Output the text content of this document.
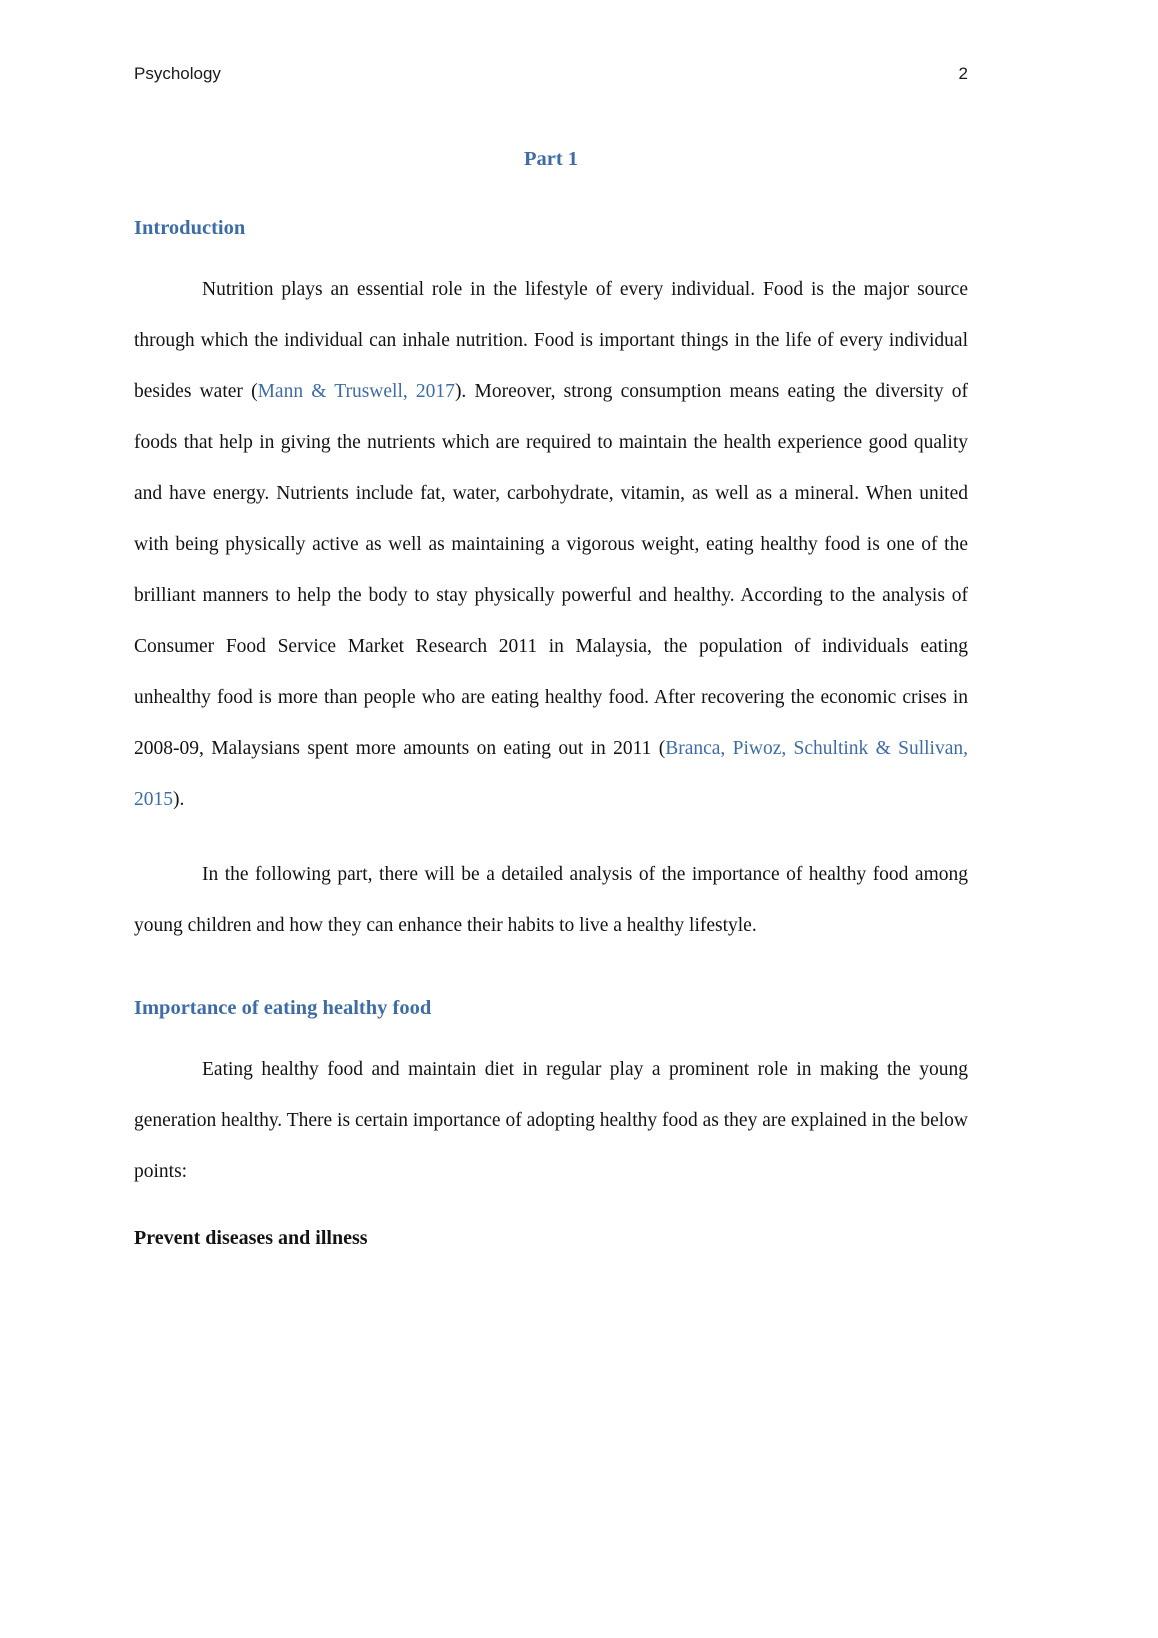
Psychology	2
Part 1
Introduction

Nutrition plays an essential role in the lifestyle of every individual. Food is the major source through which the individual can inhale nutrition. Food is important things in the life of every individual besides water (Mann & Truswell, 2017). Moreover, strong consumption means eating the diversity of foods that help in giving the nutrients which are required to maintain the health experience good quality and have energy. Nutrients include fat, water, carbohydrate, vitamin, as well as a mineral. When united with being physically active as well as maintaining a vigorous weight, eating healthy food is one of the brilliant manners to help the body to stay physically powerful and healthy. According to the analysis of Consumer Food Service Market Research 2011 in Malaysia, the population of individuals eating unhealthy food is more than people who are eating healthy food. After recovering the economic crises in 2008-09, Malaysians spent more amounts on eating out in 2011 (Branca, Piwoz, Schultink & Sullivan, 2015).

In the following part, there will be a detailed analysis of the importance of healthy food among young children and how they can enhance their habits to live a healthy lifestyle.

Importance of eating healthy food

Eating healthy food and maintain diet in regular play a prominent role in making the young generation healthy. There is certain importance of adopting healthy food as they are explained in the below points:

Prevent diseases and illness
